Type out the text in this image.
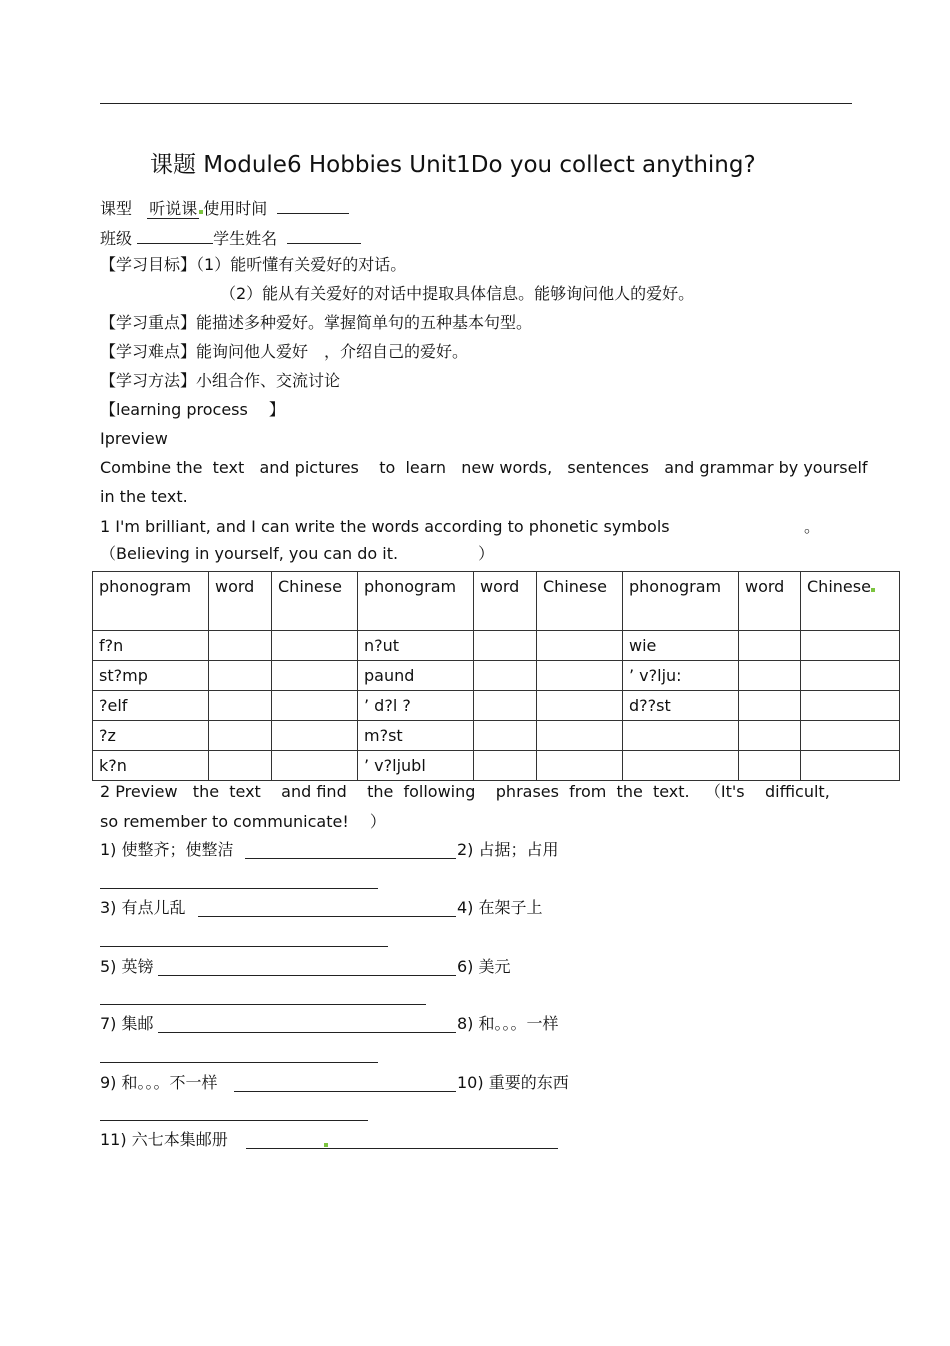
课题 Module6 Hobbies Unit1Do you collect anything?
课型 听说课 使用时间
班级	学生姓名
【学习目标】（1）能听懂有关爱好的对话。
（2）能从有关爱好的对话中提取具体信息。能够询问他人的爱好。
【学习重点】能描述多种爱好。掌握简单句的五种基本句型。
【学习难点】能询问他人爱好　，介绍自己的爱好。
【学习方法】小组合作、交流讨论
【learning process　 】
Ⅰpreview
Combine the  text   and pictures    to  learn   new words,   sentences   and grammar by yourself
in the text.
1 I'm brilliant, and I can write the words according to phonetic symbols	。
（Believing in yourself, you can do it.　　　　　）
phonogram	word	Chinese	phonogram	word	Chinese	phonogram	word	Chinese
f?n			n?ut			wie		
st?mp			paund			’ v?lju:		
?elf			’ d?l ?			d??st		
?z			m?st					
k?n			’ v?ljubl					
2 Preview   the  text    and find    the  following    phrases  from  the  text.   （It's    difficult,
so remember to communicate!　 ）
1) 使整齐；使整洁	2) 占据；占用
3) 有点儿乱	4) 在架子上
5) 英镑	6) 美元
7) 集邮	8) 和。。。一样
9) 和。。。不一样	10) 重要的东西
11) 六七本集邮册
